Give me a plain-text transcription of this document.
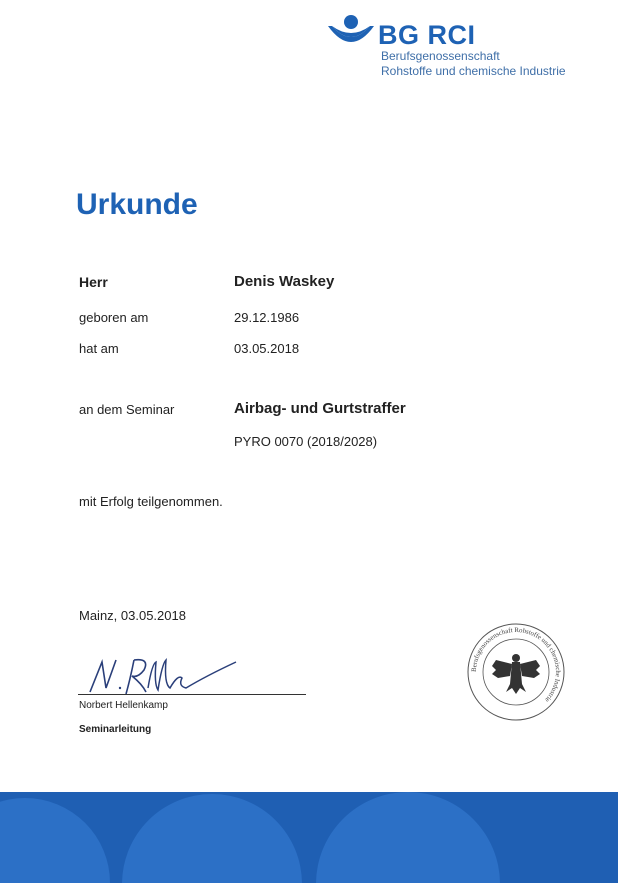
BG RCI
Berufsgenossenschaft
Rohstoffe und chemische Industrie
Urkunde
Herr	Denis Waskey
geboren am	29.12.1986
hat am	03.05.2018
an dem Seminar	Airbag- und Gurtstraffer
PYRO 0070 (2018/2028)
mit Erfolg teilgenommen.
Mainz, 03.05.2018
Norbert Hellenkamp
Seminarleitung
Berufsgenossenschaft Rohstoffe und chemische Industrie
